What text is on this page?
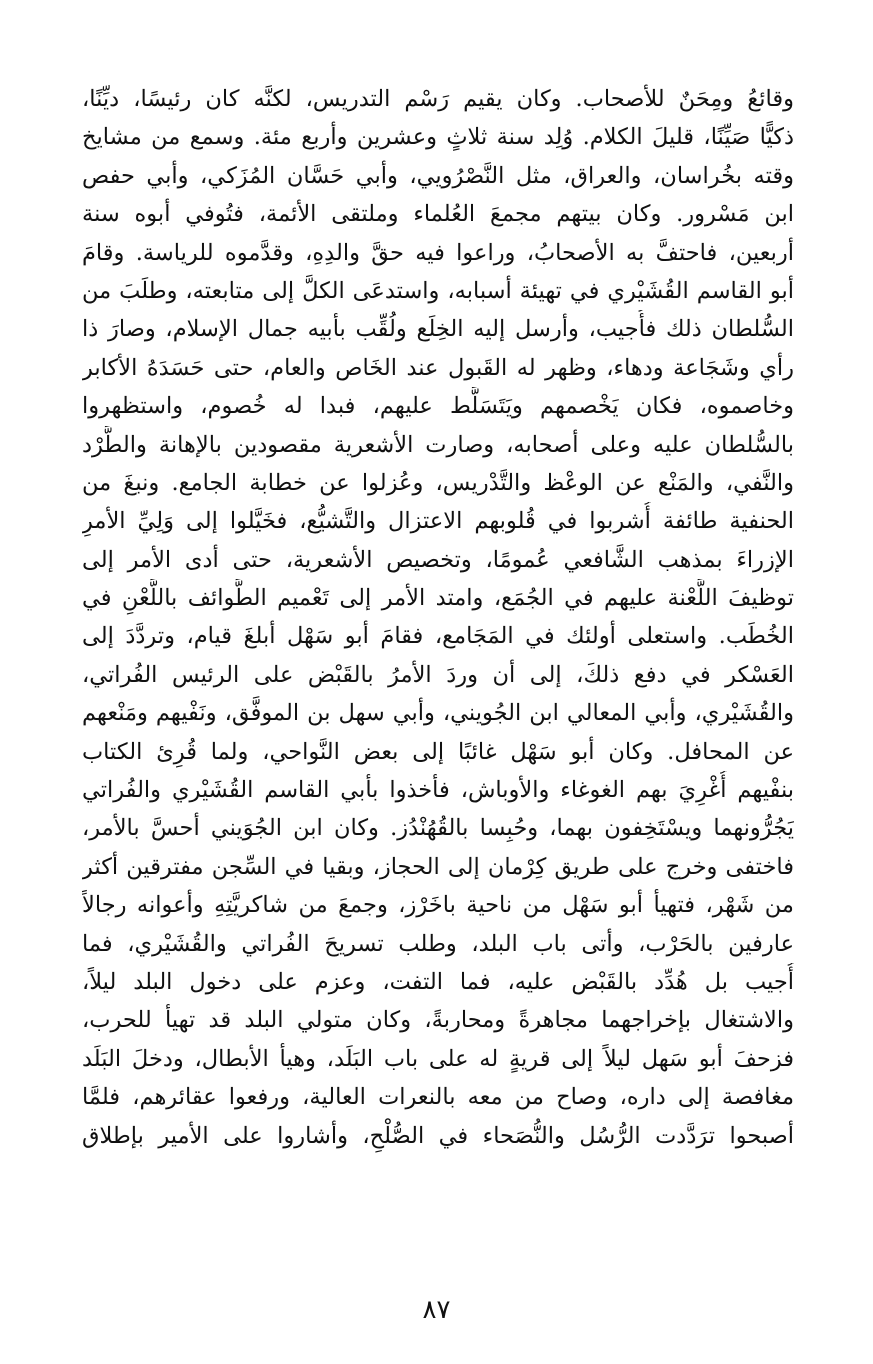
وقائعُ ومِحَنٌ للأصحاب. وكان يقيم رَسْم التدريس، لكنَّه كان رئيسًا، ديِّنًا،
ذكيًّا صَيِّنًا، قليلَ الكلام. وُلِد سنة ثلاثٍ وعشرين وأربع مئة. وسمع من مشايخ
وقته بخُراسان، والعراق، مثل النَّصْرُويي، وأبي حَسَّان المُزَكي، وأبي حفص
ابن مَسْرور. وكان بيتهم مجمعَ العُلماء وملتقى الأئمة، فتُوفي أبوه سنة
أربعين، فاحتفَّ به الأصحابُ، وراعوا فيه حقَّ والدِهِ، وقدَّموه للرياسة. وقامَ
أبو القاسم القُشَيْري في تهيئة أسبابه، واستدعَى الكلَّ إلى متابعته، وطلَبَ من
السُّلطان ذلك فأُجيب، وأرسل إليه الخِلَع ولُقِّب بأبيه جمال الإسلام، وصارَ ذا
رأي وشَجَاعة ودهاء، وظهر له القَبول عند الخَاص والعام، حتى حَسَدَهُ الأكابر
وخاصموه، فكان يَخْصمهم ويَتَسَلَّط عليهم، فبدا له خُصوم، واستظهروا
بالسُّلطان عليه وعلى أصحابه، وصارت الأشعرية مقصودين بالإهانة والطَّرْد
والنَّفي، والمَنْع عن الوعْظ والتَّدْريس، وعُزلوا عن خطابة الجامع. ونبغَ من
الحنفية طائفة أُشربوا في قُلوبهم الاعتزال والتَّشيُّع، فخَيَّلوا إلى وَلِيِّ الأمرِ
الإزراءَ بمذهب الشَّافعي عُمومًا، وتخصيص الأشعرية، حتى أدى الأمر إلى
توظيفَ اللَّعْنة عليهم في الجُمَع، وامتد الأمر إلى تَعْميم الطَّوائف باللَّعْنِ في
الخُطَب. واستعلى أولئك في المَجَامع، فقامَ أبو سَهْل أبلغَ قيام، وتردَّدَ إلى
العَسْكر في دفع ذلكَ، إلى أن وردَ الأمرُ بالقَبْض على الرئيس الفُراتي،
والقُشَيْري، وأبي المعالي ابن الجُويني، وأبي سهل بن الموفَّق، ونَفْيهم ومَنْعهم
عن المحافل. وكان أبو سَهْل غائبًا إلى بعض النَّواحي، ولما قُرِئ الكتاب
بنفْيهم أُغْرِيَ بهم الغوغاء والأوباش، فأخذوا بأبي القاسم القُشَيْري والفُراتي
يَجُرُّونهما ويسْتَخِفون بهما، وحُبِسا بالقُهُنْدُز. وكان ابن الجُوَيني أحسَّ بالأمر،
فاختفى وخرج على طريق كِرْمان إلى الحجاز، وبقيا في السِّجن مفترقين أكثر
من شَهْر، فتهيأ أبو سَهْل من ناحية باخَرْز، وجمعَ من شاكريَّتِهِ وأعوانه رجالاً
عارفين بالحَرْب، وأتى باب البلد، وطلب تسريحَ الفُراتي والقُشَيْري، فما
أُجيب بل هُدِّد بالقَبْض عليه، فما التفت، وعزم على دخول البلد ليلاً،
والاشتغال بإخراجهما مجاهرةً ومحاربةً، وكان متولي البلد قد تهيأ للحرب،
فزحفَ أبو سَهل ليلاً إلى قريةٍ له على باب البَلَد، وهيأ الأبطال، ودخلَ البَلَد
مغافصة إلى داره، وصاح من معه بالنعرات العالية، ورفعوا عقائرهم، فلمَّا
أصبحوا ترَدَّدت الرُّسُل والنُّصَحاء في الصُّلْحِ، وأشاروا على الأمير بإطلاق
٨٧
